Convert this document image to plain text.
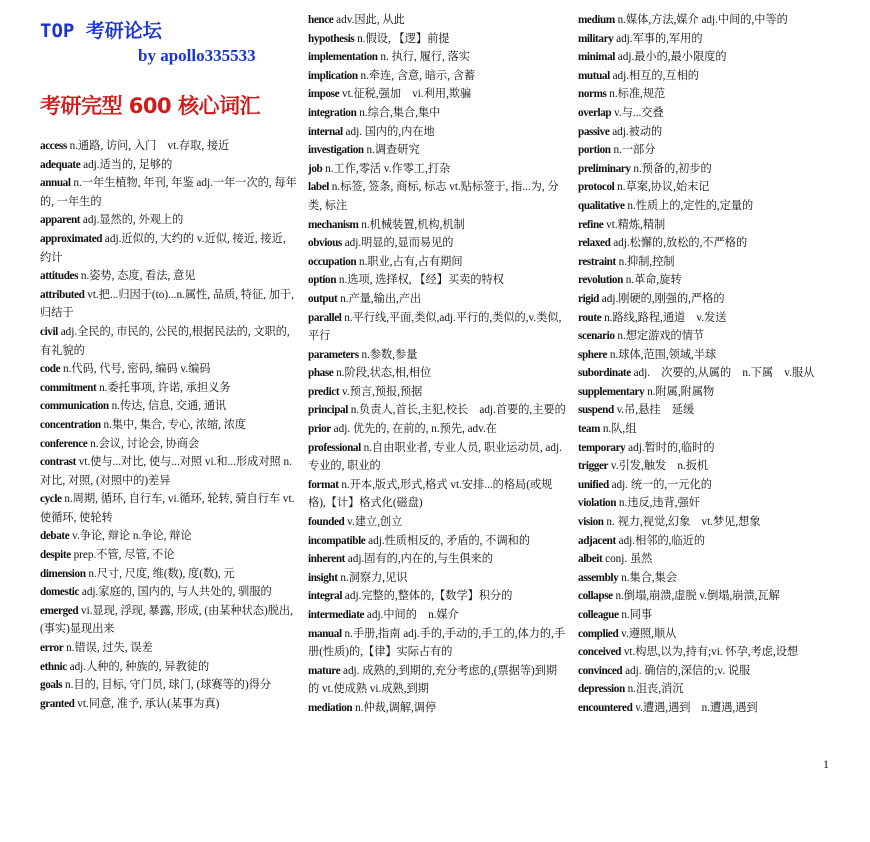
TOP 考研论坛
by apollo335533
考研完型 600 核心词汇
access n.通路, 访问, 入门　vt.存取, 接近
adequate adj.适当的, 足够的
annual n.一年生植物, 年刊, 年鉴 adj.一年一次的, 每年的, 一年生的
apparent adj.显然的, 外观上的
approximated adj.近似的, 大约的 v.近似, 接近, 接近, 约计
attitudes n.姿势, 态度, 看法, 意见
attributed vt.把...归因于(to)...n.属性, 品质, 特征, 加于, 归结于
civil adj.全民的, 市民的, 公民的,根据民法的, 文职的, 有礼貌的
code n.代码, 代号, 密码, 编码 v.编码
commitment n.委托事项, 许诺, 承担义务
communication n.传达, 信息, 交通, 通讯
concentration n.集中, 集合, 专心, 浓缩, 浓度
conference n.会议, 讨论会, 协商会
contrast vt.使与...对比, 使与...对照 vi.和...形成对照 n.对比, 对照, (对照中的)差异
cycle n.周期, 循环, 自行车, vi.循环, 轮转, 骑自行车 vt.使循环, 使轮转
debate v.争论, 辩论 n.争论, 辩论
despite prep.不管, 尽管, 不论
dimension n.尺寸, 尺度, 维(数), 度(数), 元
domestic adj.家庭的, 国内的, 与人共处的, 驯服的
emerged vi.显现, 浮现, 暴露, 形成, (由某种状态)脱出, (事实)显现出来
error n.错误, 过失, 误差
ethnic adj.人种的, 种族的, 异教徒的
goals n.目的, 目标, 守门员, 球门, (球赛等的)得分
granted vt.同意, 准予, 承认(某事为真)
hence adv.因此, 从此
hypothesis n.假设, 【逻】前提
implementation n. 执行, 履行, 落实
implication n.牵连, 含意, 暗示, 含蓄
impose vt.征税,强加　vi.利用,欺骗
integration n.综合,集合,集中
internal adj. 国内的,内在地
investigation n.调查研究
job n.工作,零活 v.作零工,打杂
label n.标签, 签条, 商标, 标志 vt.贴标签于, 指...为, 分类, 标注
mechanism n.机械装置,机构,机制
obvious adj.明显的,显而易见的
occupation n.职业,占有,占有期间
option n.选项, 选择权, 【经】买卖的特权
output n.产量,输出,产出
parallel n.平行线,平面,类似,adj.平行的,类似的,v.类似,平行
parameters n.参数,参量
phase n.阶段,状态,相,相位
predict v.预言,预报,预据
principal n.负责人,首长,主犯,校长　adj.首要的,主要的
prior adj. 优先的, 在前的, n.预先, adv.在
professional n.自由职业者, 专业人员, 职业运动员, adj.专业的, 职业的
format n.开本,版式,形式,格式 vt.安排...的格局(或规格),【计】格式化(磁盘)
founded v.建立,创立
incompatible adj.性质相反的, 矛盾的, 不调和的
inherent adj.固有的,内在的,与生俱来的
insight n.洞察力,见识
integral adj.完整的,整体的,【数学】积分的
intermediate adj.中间的　n.媒介
manual n.手册,指南 adj.手的,手动的,手工的,体力的,手册(性质)的,【律】实际占有的
mature adj. 成熟的,到期的,充分考虑的,(票据等)到期的 vt.使成熟 vi.成熟,到期
mediation n.仲裁,调解,调停
medium n.媒体,方法,媒介 adj.中间的,中等的
military adj.军事的,军用的
minimal adj.最小的,最小限度的
mutual adj.相互的,互相的
norms n.标准,规范
overlap v.与...交叠
passive adj.被动的
portion n.一部分
preliminary n.预备的,初步的
protocol n.草案,协议,始末记
qualitative n.性质上的,定性的,定量的
refine vt.精炼,精制
relaxed adj.松懈的,放松的,不严格的
restraint n.抑制,控制
revolution n.革命,旋转
rigid adj.刚硬的,刚强的,严格的
route n.路线,路程,通道　v.发送
scenario n.想定游戏的情节
sphere n.球体,范围,领域,半球
subordinate adj.　次要的,从属的　n.下属　v.服从
supplementary n.附属,附属物
suspend v.吊,悬挂　延缓
team n.队,组
temporary adj.暂时的,临时的
trigger v.引发,触发　n.扳机
unified adj. 统一的,一元化的
violation n.违反,违背,强奸
vision n. 视力,视觉,幻象　vt.梦见,想象
adjacent adj.相邻的,临近的
albeit conj. 虽然
assembly n.集合,集会
collapse n.倒塌,崩溃,虚脱 v.倒塌,崩溃,瓦解
colleague n.同事
complied v.遵照,顺从
conceived vt.构思,以为,持有;vi. 怀孕,考虑,设想
convinced adj. 确信的,深信的;v. 说服
depression n.沮丧,消沉
encountered v.遭遇,遇到　n.遭遇,遇到
1
